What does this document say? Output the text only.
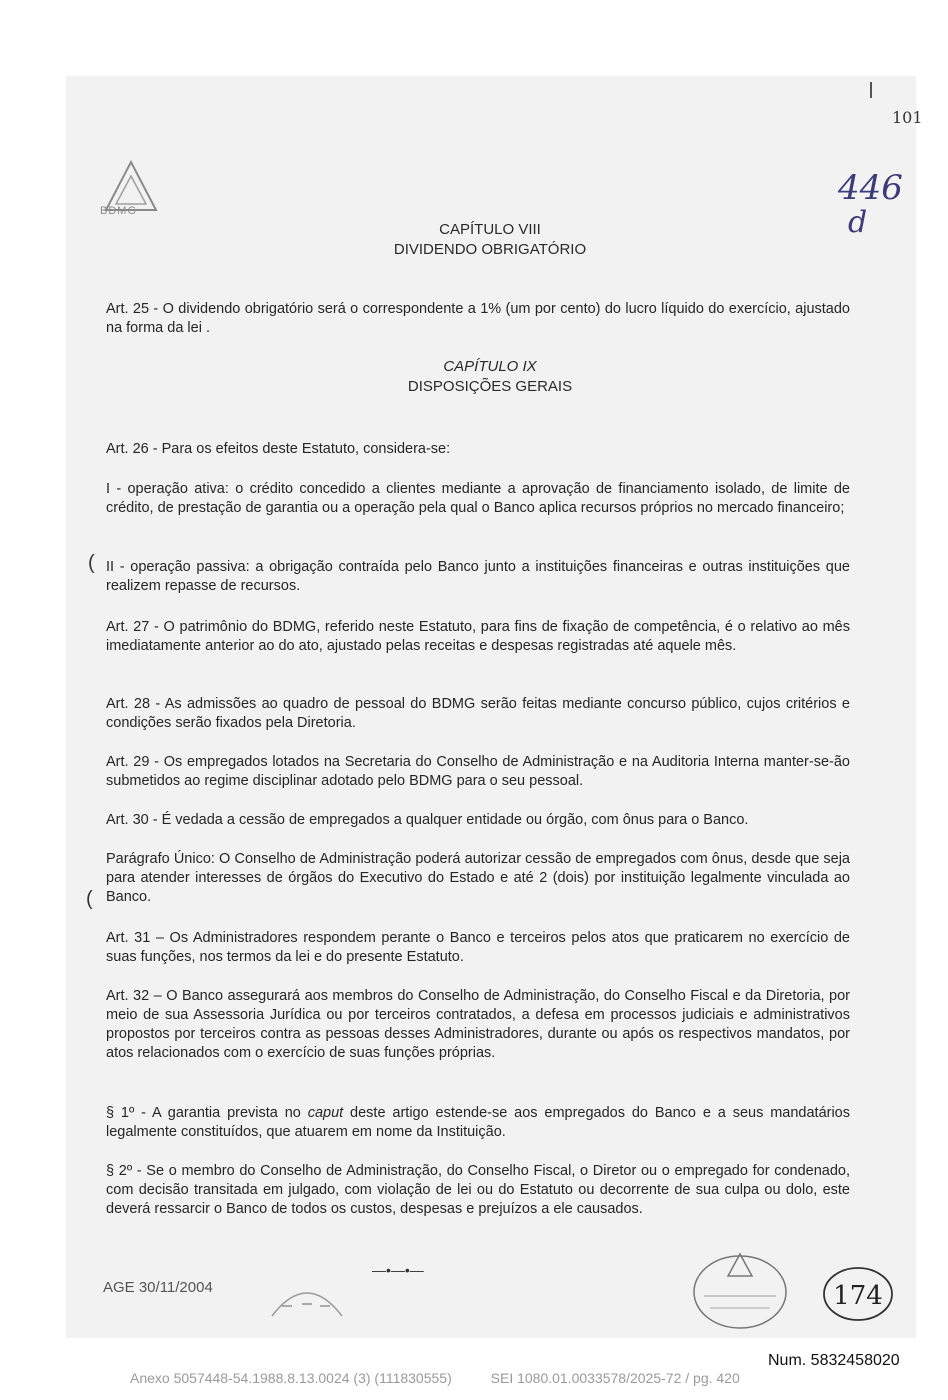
BDMG
101
446
d
CAPÍTULO VIII
DIVIDENDO OBRIGATÓRIO
Art. 25 - O dividendo obrigatório será o correspondente a 1% (um por cento) do lucro líquido do exercício, ajustado na forma da lei .
CAPÍTULO IX
DISPOSIÇÕES GERAIS
Art. 26 - Para os efeitos deste Estatuto, considera-se:
I - operação ativa: o crédito concedido a clientes mediante a aprovação de financiamento isolado, de limite de crédito, de prestação de garantia ou a operação pela qual o Banco aplica recursos próprios no mercado financeiro;
( II - operação passiva: a obrigação contraída pelo Banco junto a instituições financeiras e outras instituições que realizem repasse de recursos.
Art. 27 - O patrimônio do BDMG, referido neste Estatuto, para fins de fixação de competência, é o relativo ao mês imediatamente anterior ao do ato, ajustado pelas receitas e despesas registradas até aquele mês.
Art. 28 - As admissões ao quadro de pessoal do BDMG serão feitas mediante concurso público, cujos critérios e condições serão fixados pela Diretoria.
Art. 29 - Os empregados lotados na Secretaria do Conselho de Administração e na Auditoria Interna manter-se-ão submetidos ao regime disciplinar adotado pelo BDMG para o seu pessoal.
Art. 30 - É vedada a cessão de empregados a qualquer entidade ou órgão, com ônus para o Banco.
Parágrafo Único: O Conselho de Administração poderá autorizar cessão de empregados com ônus, desde que seja para atender interesses de órgãos do Executivo do Estado e até 2 (dois) por instituição legalmente vinculada ao Banco.
(
Art. 31 – Os Administradores respondem perante o Banco e terceiros pelos atos que praticarem no exercício de suas funções, nos termos da lei e do presente Estatuto.
Art. 32 – O Banco assegurará aos membros do Conselho de Administração, do Conselho Fiscal e da Diretoria, por meio de sua Assessoria Jurídica ou por terceiros contratados, a defesa em processos judiciais e administrativos propostos por terceiros contra as pessoas desses Administradores, durante ou após os respectivos mandatos, por atos relacionados com o exercício de suas funções próprias.
§ 1º - A garantia prevista no caput deste artigo estende-se aos empregados do Banco e a seus mandatários legalmente constituídos, que atuarem em nome da Instituição.
§ 2º - Se o membro do Conselho de Administração, do Conselho Fiscal, o Diretor ou o empregado for condenado, com decisão transitada em julgado, com violação de lei ou do Estatuto ou decorrente de sua culpa ou dolo, este deverá ressarcir o Banco de todos os custos, despesas e prejuízos a ele causados.
—•—•—
AGE 30/11/2004	174
Num. 5832458020
Anexo 5057448-54.1988.8.13.0024 (3) (111830555)          SEI 1080.01.0033578/2025-72 / pg. 420
